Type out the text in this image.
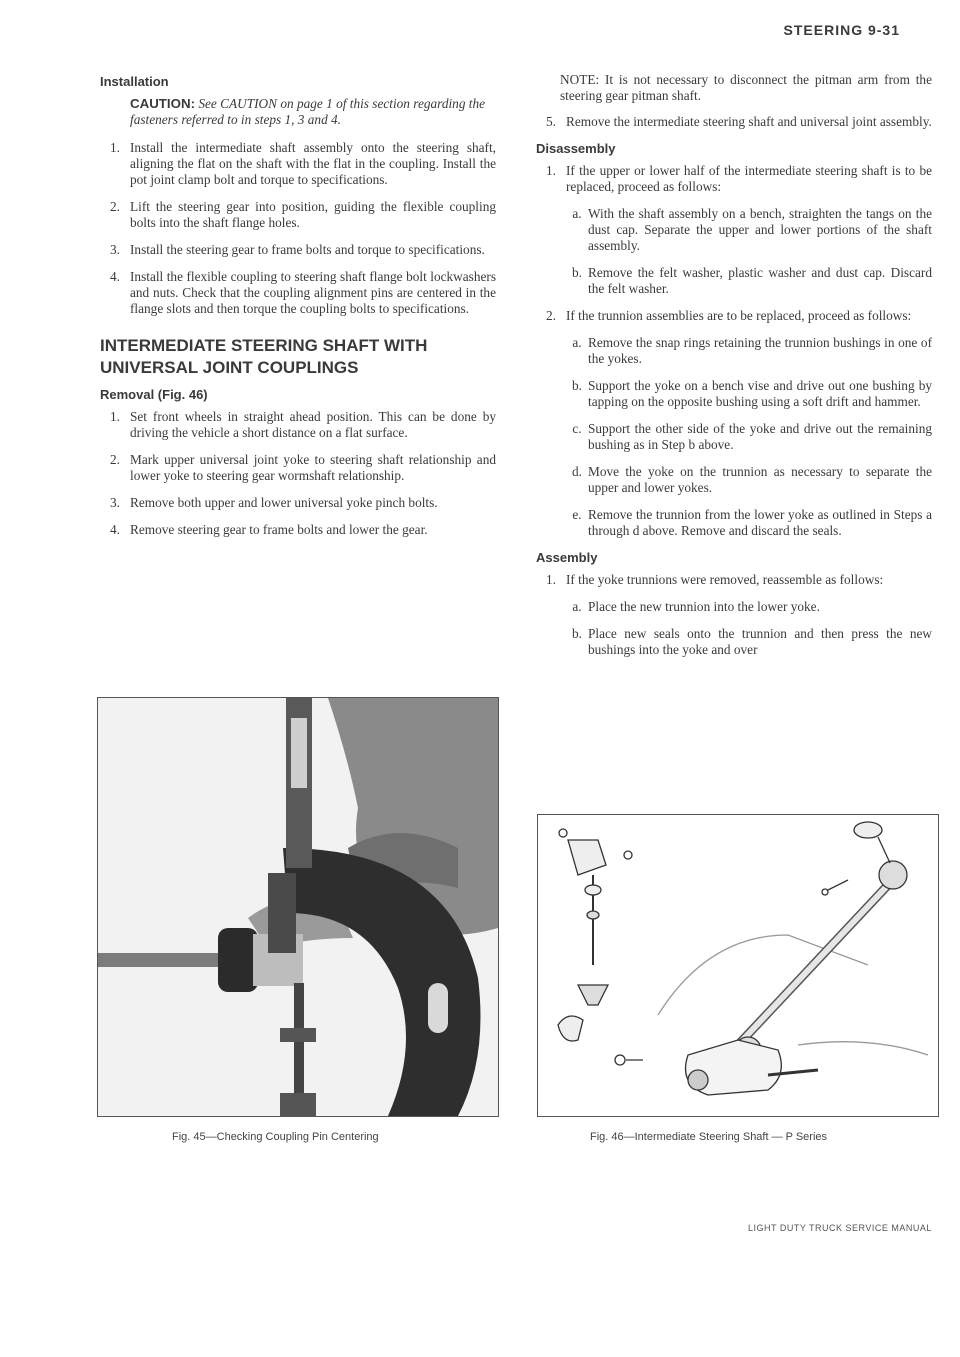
STEERING 9-31
Installation
CAUTION: See CAUTION on page 1 of this section regarding the fasteners referred to in steps 1, 3 and 4.
1. Install the intermediate shaft assembly onto the steering shaft, aligning the flat on the shaft with the flat in the coupling. Install the pot joint clamp bolt and torque to specifications.
2. Lift the steering gear into position, guiding the flexible coupling bolts into the shaft flange holes.
3. Install the steering gear to frame bolts and torque to specifications.
4. Install the flexible coupling to steering shaft flange bolt lockwashers and nuts. Check that the coupling alignment pins are centered in the flange slots and then torque the coupling bolts to specifications.
INTERMEDIATE STEERING SHAFT WITH
UNIVERSAL JOINT COUPLINGS
Removal (Fig. 46)
1. Set front wheels in straight ahead position. This can be done by driving the vehicle a short distance on a flat surface.
2. Mark upper universal joint yoke to steering shaft relationship and lower yoke to steering gear wormshaft relationship.
3. Remove both upper and lower universal yoke pinch bolts.
4. Remove steering gear to frame bolts and lower the gear.
Fig. 45—Checking Coupling Pin Centering
NOTE: It is not necessary to disconnect the pitman arm from the steering gear pitman shaft.
5. Remove the intermediate steering shaft and universal joint assembly.
Disassembly
1. If the upper or lower half of the intermediate steering shaft is to be replaced, proceed as follows:
a. With the shaft assembly on a bench, straighten the tangs on the dust cap. Separate the upper and lower portions of the shaft assembly.
b. Remove the felt washer, plastic washer and dust cap. Discard the felt washer.
2. If the trunnion assemblies are to be replaced, proceed as follows:
a. Remove the snap rings retaining the trunnion bushings in one of the yokes.
b. Support the yoke on a bench vise and drive out one bushing by tapping on the opposite bushing using a soft drift and hammer.
c. Support the other side of the yoke and drive out the remaining bushing as in Step b above.
d. Move the yoke on the trunnion as necessary to separate the upper and lower yokes.
e. Remove the trunnion from the lower yoke as outlined in Steps a through d above. Remove and discard the seals.
Assembly
1. If the yoke trunnions were removed, reassemble as follows:
a. Place the new trunnion into the lower yoke.
b. Place new seals onto the trunnion and then press the new bushings into the yoke and over
Fig. 46—Intermediate Steering Shaft — P Series
LIGHT DUTY TRUCK SERVICE MANUAL
